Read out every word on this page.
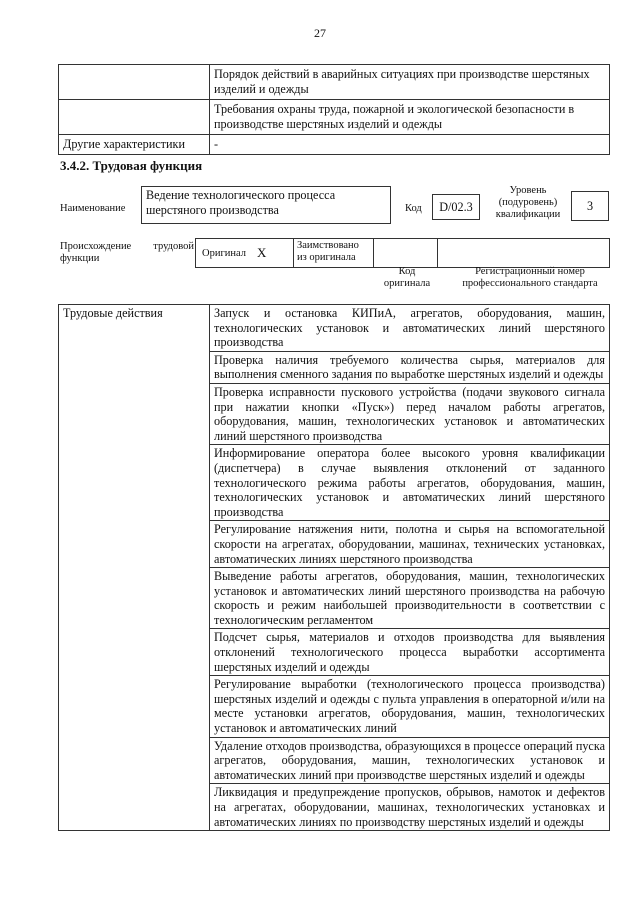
27
	Порядок действий в аварийных ситуациях при производстве шерстяных изделий и одежды
	Требования охраны труда, пожарной и экологической безопасности в производстве шерстяных изделий и одежды
Другие характеристики	-
3.4.2. Трудовая функция
Наименование
Ведение технологического процесса шерстяного производства	Код	D/02.3
Уровень (подуровень) квалификации
3
Происхождение трудовой функции	Оригинал X	Заимствовано из оригинала
Код оригинала
Регистрационный номер профессионального стандарта
Трудовые действия	Запуск и остановка КИПиА, агрегатов, оборудования, машин, технологических установок и автоматических линий шерстяного производства
Проверка наличия требуемого количества сырья, материалов для выполнения сменного задания по выработке шерстяных изделий и одежды
Проверка исправности пускового устройства (подачи звукового сигнала при нажатии кнопки «Пуск») перед началом работы агрегатов, оборудования, машин, технологических установок и автоматических линий шерстяного производства
Информирование оператора более высокого уровня квалификации (диспетчера) в случае выявления отклонений от заданного технологического режима работы агрегатов, оборудования, машин, технологических установок и автоматических линий шерстяного производства
Регулирование натяжения нити, полотна и сырья на вспомогательной скорости на агрегатах, оборудовании, машинах, технических установках, автоматических линиях шерстяного производства
Выведение работы агрегатов, оборудования, машин, технологических установок и автоматических линий шерстяного производства на рабочую скорость и режим наибольшей производительности в соответствии с технологическим регламентом
Подсчет сырья, материалов и отходов производства для выявления отклонений технологического процесса выработки ассортимента шерстяных изделий и одежды
Регулирование выработки (технологического процесса производства) шерстяных изделий и одежды с пульта управления в операторной и/или на месте установки агрегатов, оборудования, машин, технологических установок и автоматических линий
Удаление отходов производства, образующихся в процессе операций пуска агрегатов, оборудования, машин, технологических установок и автоматических линий при производстве шерстяных изделий и одежды
Ликвидация и предупреждение пропусков, обрывов, намоток и дефектов на агрегатах, оборудовании, машинах, технологических установках и автоматических линиях по производству шерстяных изделий и одежды
